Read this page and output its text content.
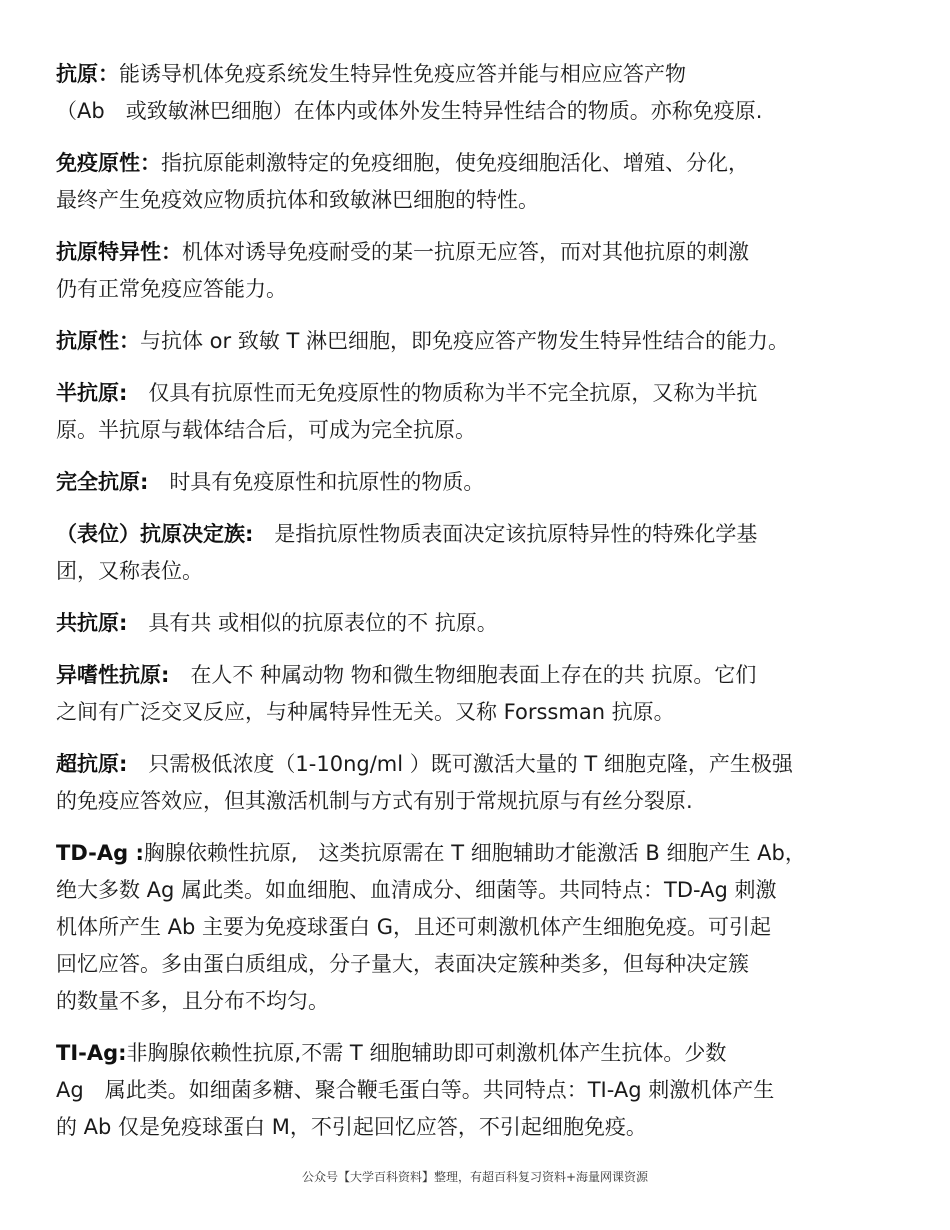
抗原：能诱导机体免疫系统发生特异性免疫应答并能与相应应答产物
（Ab　或致敏淋巴细胞）在体内或体外发生特异性结合的物质。亦称免疫原.

免疫原性：指抗原能刺激特定的免疫细胞，使免疫细胞活化、增殖、分化，
最终产生免疫效应物质抗体和致敏淋巴细胞的特性。

抗原特异性：机体对诱导免疫耐受的某一抗原无应答，而对其他抗原的刺激
仍有正常免疫应答能力。

抗原性：与抗体 or 致敏 T 淋巴细胞，即免疫应答产物发生特异性结合的能力。

半抗原:　仅具有抗原性而无免疫原性的物质称为半不完全抗原，又称为半抗
原。半抗原与载体结合后，可成为完全抗原。

完全抗原:　时具有免疫原性和抗原性的物质。

（表位）抗原决定族:　是指抗原性物质表面决定该抗原特异性的特殊化学基
团，又称表位。

共抗原:　具有共 或相似的抗原表位的不 抗原。

异嗜性抗原:　在人不 种属动物 物和微生物细胞表面上存在的共 抗原。它们
之间有广泛交叉反应，与种属特异性无关。又称 Forssman 抗原。

超抗原:　只需极低浓度（1-10ng/ml ）既可激活大量的 T 细胞克隆，产生极强
的免疫应答效应，但其激活机制与方式有别于常规抗原与有丝分裂原.

TD-Ag :胸腺依赖性抗原,　这类抗原需在 T 细胞辅助才能激活 B 细胞产生 Ab，
绝大多数 Ag 属此类。如血细胞、血清成分、细菌等。共同特点：TD-Ag 刺激
机体所产生 Ab 主要为免疫球蛋白 G，且还可刺激机体产生细胞免疫。可引起
回忆应答。多由蛋白质组成，分子量大，表面决定簇种类多，但每种决定簇
的数量不多，且分布不均匀。

TI-Ag:非胸腺依赖性抗原,不需 T 细胞辅助即可刺激机体产生抗体。少数
Ag　属此类。如细菌多糖、聚合鞭毛蛋白等。共同特点：TI-Ag 刺激机体产生
的 Ab 仅是免疫球蛋白 M，不引起回忆应答，不引起细胞免疫。

公众号【大学百科资料】整理，有超百科复习资料+海量网课资源
